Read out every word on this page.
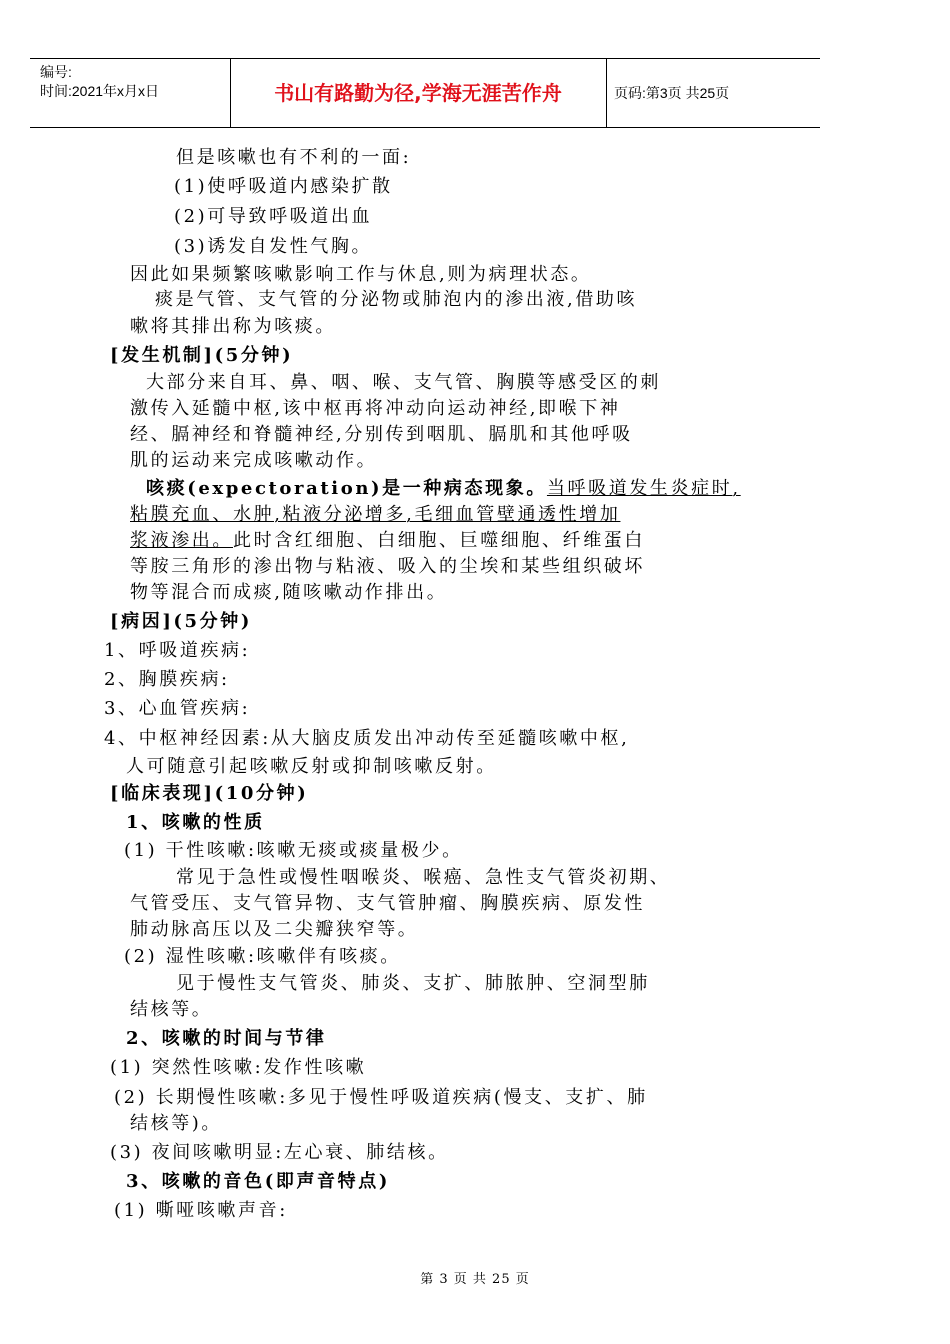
编号:
时间:2021年x月x日	书山有路勤为径,学海无涯苦作舟	页码:第3页 共25页
但是咳嗽也有不利的一面:
(1)使呼吸道内感染扩散
(2)可导致呼吸道出血
(3)诱发自发性气胸。
因此如果频繁咳嗽影响工作与休息,则为病理状态。
痰是气管、支气管的分泌物或肺泡内的渗出液,借助咳
嗽将其排出称为咳痰。
[发生机制](5分钟)
大部分来自耳、鼻、咽、喉、支气管、胸膜等感受区的刺
激传入延髓中枢,该中枢再将冲动向运动神经,即喉下神
经、膈神经和脊髓神经,分别传到咽肌、膈肌和其他呼吸
肌的运动来完成咳嗽动作。
咳痰(expectoration)是一种病态现象。当呼吸道发生炎症时,
粘膜充血、水肿,粘液分泌增多,毛细血管壁通透性增加
浆液渗出。此时含红细胞、白细胞、巨噬细胞、纤维蛋白
等胺三角形的渗出物与粘液、吸入的尘埃和某些组织破坏
物等混合而成痰,随咳嗽动作排出。
[病因](5分钟)
1、呼吸道疾病:
2、胸膜疾病:
3、心血管疾病:
4、中枢神经因素:从大脑皮质发出冲动传至延髓咳嗽中枢,
人可随意引起咳嗽反射或抑制咳嗽反射。
[临床表现](10分钟)
1、咳嗽的性质
(1) 干性咳嗽:咳嗽无痰或痰量极少。
常见于急性或慢性咽喉炎、喉癌、急性支气管炎初期、
气管受压、支气管异物、支气管肿瘤、胸膜疾病、原发性
肺动脉高压以及二尖瓣狭窄等。
(2) 湿性咳嗽:咳嗽伴有咳痰。
见于慢性支气管炎、肺炎、支扩、肺脓肿、空洞型肺
结核等。
2、咳嗽的时间与节律
(1) 突然性咳嗽:发作性咳嗽
(2) 长期慢性咳嗽:多见于慢性呼吸道疾病(慢支、支扩、肺
结核等)。
(3) 夜间咳嗽明显:左心衰、肺结核。
3、咳嗽的音色(即声音特点)
(1) 嘶哑咳嗽声音:
第 3 页 共 25 页
